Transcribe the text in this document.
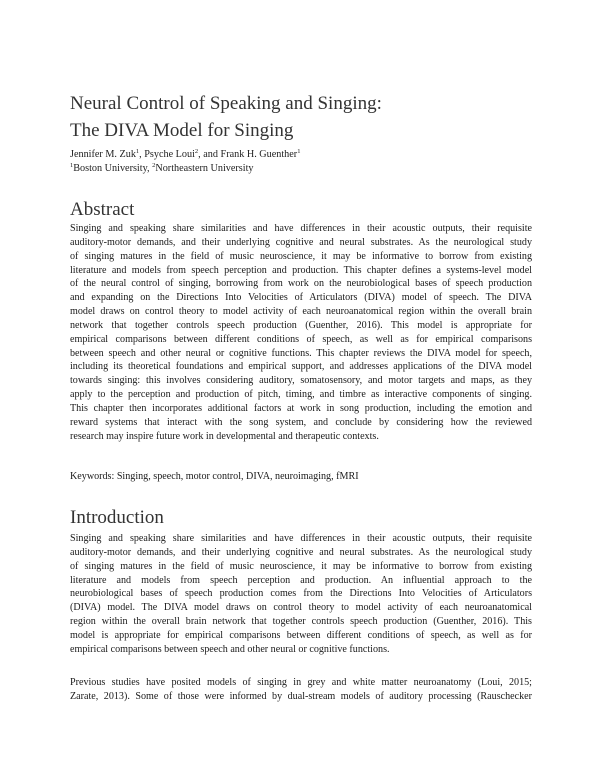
Neural Control of Speaking and Singing:
The DIVA Model for Singing
Jennifer M. Zuk$^1$, Psyche Loui$^2$, and Frank H. Guenther$^1$
$^1$Boston University, $^2$Northeastern University
Abstract
Singing and speaking share similarities and have differences in their acoustic outputs, their requisite
auditory-motor demands, and their underlying cognitive and neural substrates. As the neurological study
of singing matures in the field of music neuroscience, it may be informative to borrow from existing
literature and models from speech perception and production. This chapter defines a systems-level model
of the neural control of singing, borrowing from work on the neurobiological bases of speech production
and expanding on the Directions Into Velocities of Articulators (DIVA) model of speech. The DIVA
model draws on control theory to model activity of each neuroanatomical region within the overall brain
network that together controls speech production (Guenther, 2016). This model is appropriate for
empirical comparisons between different conditions of speech, as well as for empirical comparisons
between speech and other neural or cognitive functions. This chapter reviews the DIVA model for speech,
including its theoretical foundations and empirical support, and addresses applications of the DIVA model
towards singing: this involves considering auditory, somatosensory, and motor targets and maps, as they
apply to the perception and production of pitch, timing, and timbre as interactive components of singing.
This chapter then incorporates additional factors at work in song production, including the emotion and
reward systems that interact with the song system, and conclude by considering how the reviewed
research may inspire future work in developmental and therapeutic contexts.
Keywords: Singing, speech, motor control, DIVA, neuroimaging, fMRI
Introduction
Singing and speaking share similarities and have differences in their acoustic outputs, their requisite
auditory-motor demands, and their underlying cognitive and neural substrates. As the neurological study
of singing matures in the field of music neuroscience, it may be informative to borrow from existing
literature and models from speech perception and production. An influential approach to the
neurobiological bases of speech production comes from the Directions Into Velocities of Articulators
(DIVA) model. The DIVA model draws on control theory to model activity of each neuroanatomical
region within the overall brain network that together controls speech production (Guenther, 2016). This
model is appropriate for empirical comparisons between different conditions of speech, as well as for
empirical comparisons between speech and other neural or cognitive functions.
Previous studies have posited models of singing in grey and white matter neuroanatomy (Loui, 2015;
Zarate, 2013). Some of those were informed by dual-stream models of auditory processing (Rauschecker
